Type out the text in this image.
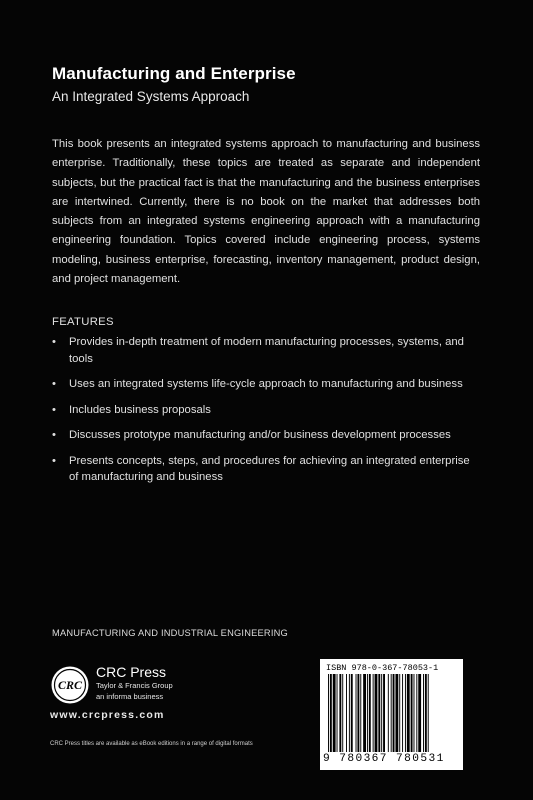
Manufacturing and Enterprise
An Integrated Systems Approach

This book presents an integrated systems approach to manufacturing and business enterprise. Traditionally, these topics are treated as separate and independent subjects, but the practical fact is that the manufacturing and the business enterprises are intertwined. Currently, there is no book on the market that addresses both subjects from an integrated systems engineering approach with a manufacturing engineering foundation. Topics covered include engineering process, systems modeling, business enterprise, forecasting, inventory management, product design, and project management.

FEATURES
• Provides in-depth treatment of modern manufacturing processes, systems, and tools
• Uses an integrated systems life-cycle approach to manufacturing and business
• Includes business proposals
• Discusses prototype manufacturing and/or business development processes
• Presents concepts, steps, and procedures for achieving an integrated enterprise of manufacturing and business
MANUFACTURING AND INDUSTRIAL ENGINEERING
CRC
CRC Press
Taylor & Francis Group
an informa business
www.crcpress.com
CRC Press titles are available as eBook editions in a range of digital formats
ISBN 978-0-367-78053-1
9 780367 780531
